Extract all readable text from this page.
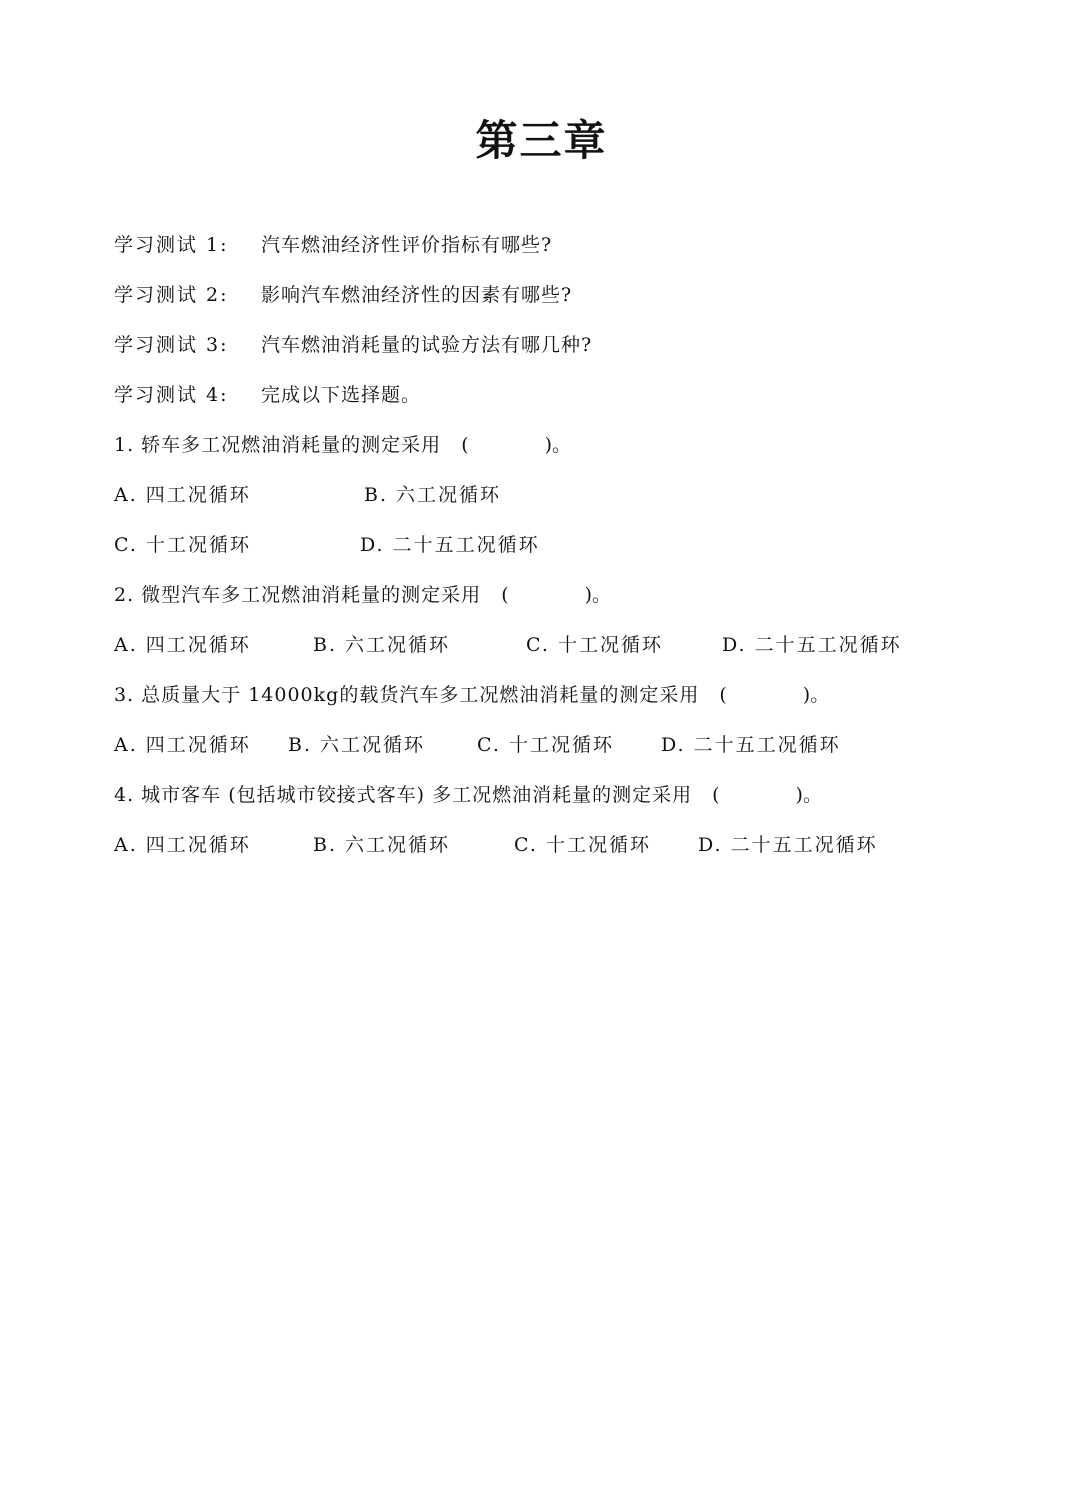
第三章
学习测试 1: 汽车燃油经济性评价指标有哪些?
学习测试 2: 影响汽车燃油经济性的因素有哪些?
学习测试 3: 汽车燃油消耗量的试验方法有哪几种?
学习测试 4: 完成以下选择题。
1. 轿车多工况燃油消耗量的测定采用 (　　　　)。
A. 四工况循环	B. 六工况循环
C. 十工况循环	D. 二十五工况循环
2. 微型汽车多工况燃油消耗量的测定采用 (　　　　)。
A. 四工况循环	B. 六工况循环	C. 十工况循环	D. 二十五工况循环
3. 总质量大于 14000kg的载货汽车多工况燃油消耗量的测定采用 (　　　　)。
A. 四工况循环 B. 六工况循环	C. 十工况循环 D. 二十五工况循环
4. 城市客车 (包括城市铰接式客车) 多工况燃油消耗量的测定采用 (　　　　)。
A. 四工况循环	B. 六工况循环	C. 十工况循环 D. 二十五工况循环
